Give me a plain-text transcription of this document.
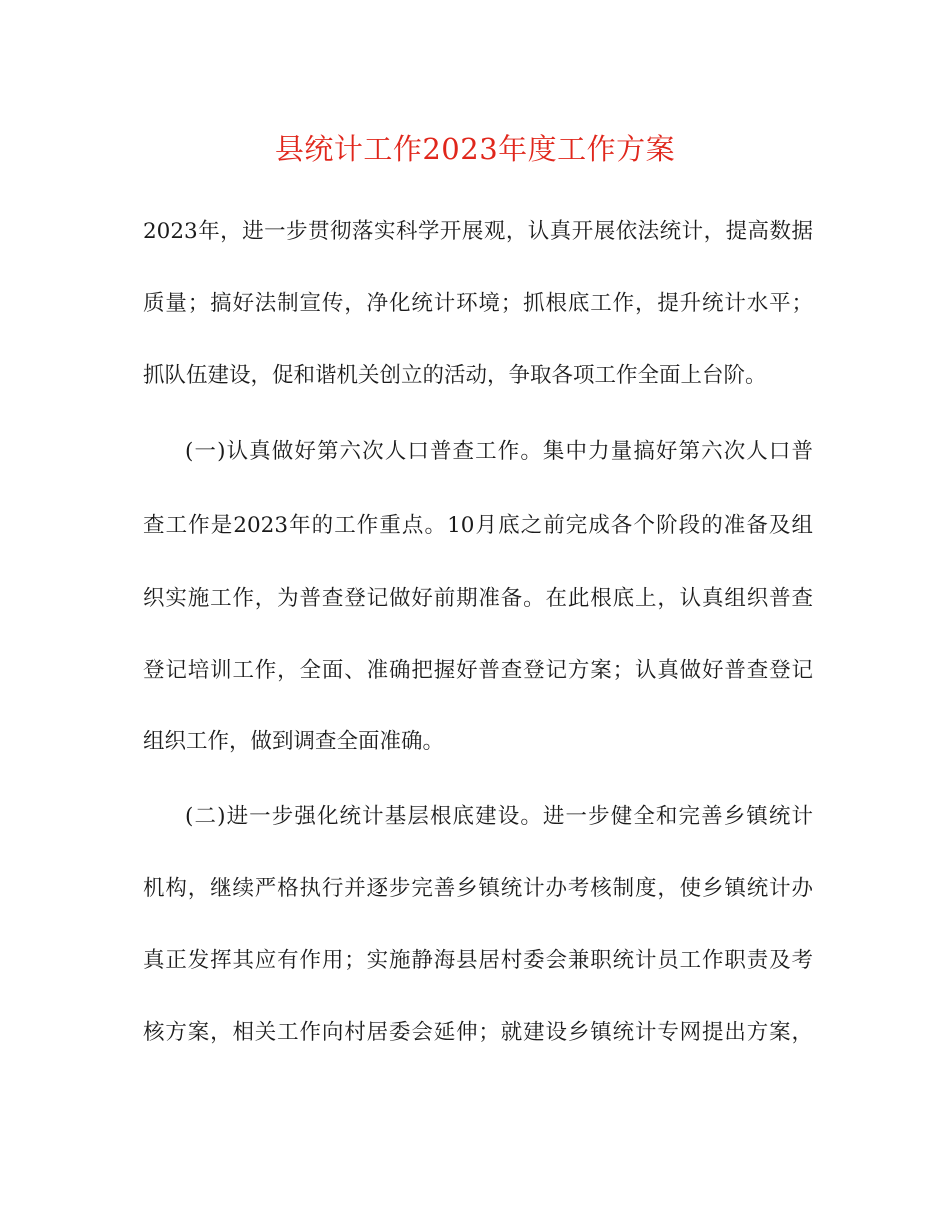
县统计工作2023年度工作方案
2023年，进一步贯彻落实科学开展观，认真开展依法统计，提高数据
质量；搞好法制宣传，净化统计环境；抓根底工作，提升统计水平；
抓队伍建设，促和谐机关创立的活动，争取各项工作全面上台阶。
(一)认真做好第六次人口普查工作。集中力量搞好第六次人口普
查工作是2023年的工作重点。10月底之前完成各个阶段的准备及组
织实施工作，为普查登记做好前期准备。在此根底上，认真组织普查
登记培训工作，全面、准确把握好普查登记方案；认真做好普查登记
组织工作，做到调查全面准确。
(二)进一步强化统计基层根底建设。进一步健全和完善乡镇统计
机构，继续严格执行并逐步完善乡镇统计办考核制度，使乡镇统计办
真正发挥其应有作用；实施静海县居村委会兼职统计员工作职责及考
核方案，相关工作向村居委会延伸；就建设乡镇统计专网提出方案，
